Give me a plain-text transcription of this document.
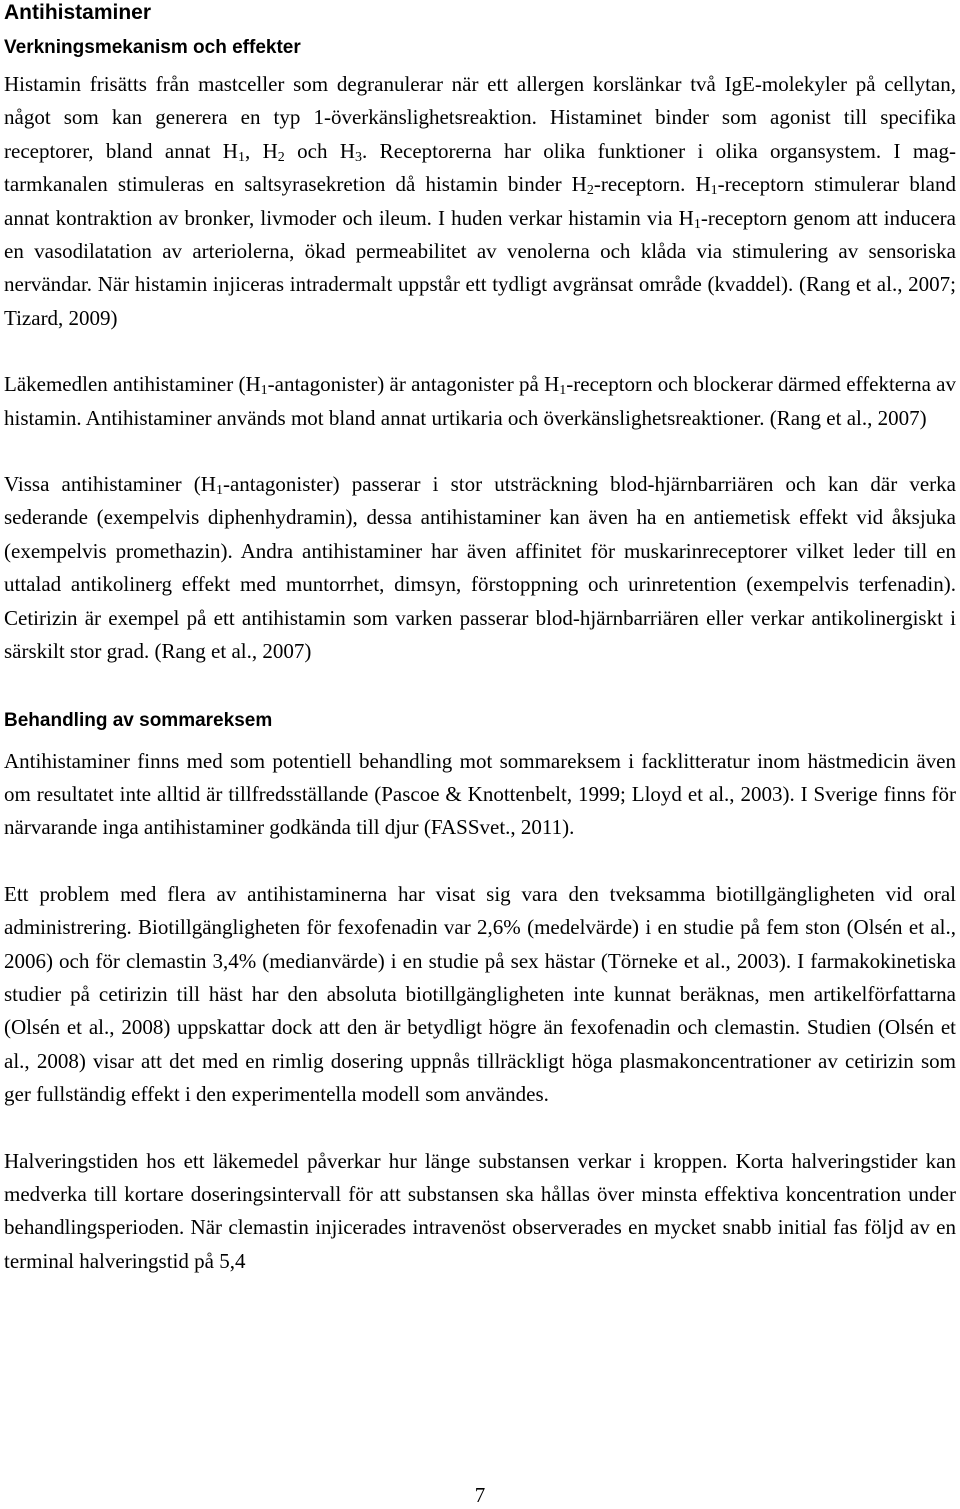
Antihistaminer
Verkningsmekanism och effekter

Histamin frisätts från mastceller som degranulerar när ett allergen korslänkar två IgE-molekyler på cellytan, något som kan generera en typ 1-överkänslighetsreaktion. Histaminet binder som agonist till specifika receptorer, bland annat $H_1$, $H_2$ och $H_3$. Receptorerna har olika funktioner i olika organsystem. I mag- tarmkanalen stimuleras en saltsyrasekretion då histamin binder $H_2$-receptorn. $H_1$-receptorn stimulerar bland annat kontraktion av bronker, livmoder och ileum. I huden verkar histamin via $H_1$-receptorn genom att inducera en vasodilatation av arteriolerna, ökad permeabilitet av venolerna och klåda via stimulering av sensoriska nervändar. När histamin injiceras intradermalt uppstår ett tydligt avgränsat område (kvaddel). (Rang et al., 2007; Tizard, 2009)

Läkemedlen antihistaminer $(H_1-antagonister)$ är antagonister på $H_1$-receptorn och blockerar därmed effekterna av histamin. Antihistaminer används mot bland annat urtikaria och överkänslighetsreaktioner. (Rang et al., 2007)

Vissa antihistaminer $(H_1-antagonister)$ passerar i stor utsträckning blod-hjärnbarriären och kan där verka sederande (exempelvis diphenhydramin), dessa antihistaminer kan även ha en antiemetisk effekt vid åksjuka (exempelvis promethazin). Andra antihistaminer har även affinitet för muskarinreceptorer vilket leder till en uttalad antikolinerg effekt med muntorrhet, dimsyn, förstoppning och urinretention (exempelvis terfenadin). Cetirizin är exempel på ett antihistamin som varken passerar blod-hjärnbarriären eller verkar antikolinergiskt i särskilt stor grad. (Rang et al., 2007)

Behandling av sommareksem

Antihistaminer finns med som potentiell behandling mot sommareksem i facklitteratur inom hästmedicin även om resultatet inte alltid är tillfredsställande (Pascoe & Knottenbelt, 1999; Lloyd et al., 2003). I Sverige finns för närvarande inga antihistaminer godkända till djur (FASSvet., 2011).

Ett problem med flera av antihistaminerna har visat sig vara den tveksamma biotillgängligheten vid oral administrering. Biotillgängligheten för fexofenadin var 2,6% (medelvärde) i en studie på fem ston (Olsén et al., 2006) och för clemastin 3,4% (medianvärde) i en studie på sex hästar (Törneke et al., 2003). I farmakokinetiska studier på cetirizin till häst har den absoluta biotillgängligheten inte kunnat beräknas, men artikelförfattarna (Olsén et al., 2008) uppskattar dock att den är betydligt högre än fexofenadin och clemastin. Studien (Olsén et al., 2008) visar att det med en rimlig dosering uppnås tillräckligt höga plasmakoncentrationer av cetirizin som ger fullständig effekt i den experimentella modell som användes.

Halveringstiden hos ett läkemedel påverkar hur länge substansen verkar i kroppen. Korta halveringstider kan medverka till kortare doseringsintervall för att substansen ska hållas över minsta effektiva koncentration under behandlingsperioden. När clemastin injicerades intravenöst observerades en mycket snabb initial fas följd av en terminal halveringstid på 5,4

7
